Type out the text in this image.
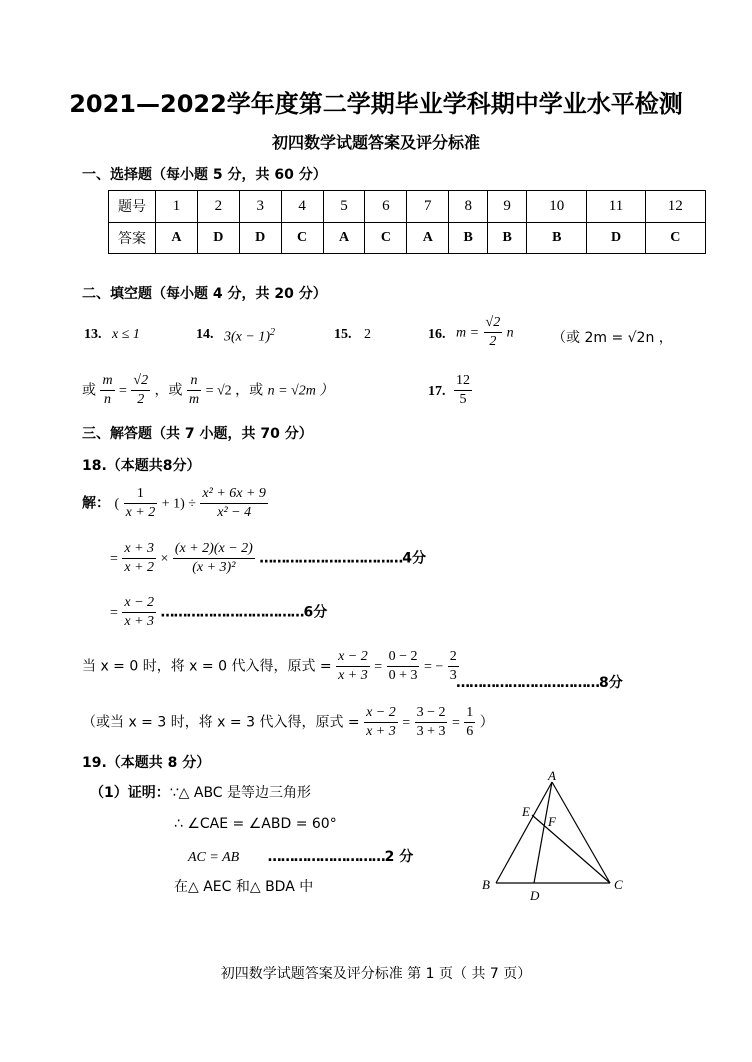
2021—2022学年度第二学期毕业学科期中学业水平检测
初四数学试题答案及评分标准
一、选择题（每小题 5 分，共 60 分）
题号	1	2	3	4	5	6	7	8	9	10	11	12
答案	A	D	D	C	A	C	A	B	B	B	D	C
二、填空题（每小题 4 分，共 20 分）
13. x ≤ 1	14. $3(x - 1)^2$	15. 2	16. $m = \frac{√2}{2}$ n	（或 2m = √2n ，
或 $\frac{m}{n} = \frac{√2}{2}$ ，或 $\frac{n}{m} = √2$ ，或 n = √2m ）	17. $\frac{12}{5}$
三、解答题（共 7 小题，共 70 分）
18.（本题共8分）
解： ( $\frac{1}{x + 2} + 1) \div \frac{\text{x² + 6x + 9}}{\text{x² − 4}}$
= $\frac{x + 3}{x + 2} \times \frac{(x + 2)(x - 2)}{\text{(x + 3)²}}$ ……………………………4分
= $\frac{x - 2}{x + 3}$ ……………………………6分
当 x = 0 时，将 x = 0 代入得，原式 = $\frac{x - 2}{x + 3} = \frac{0 - 2}{0 + 3}$ = − $\frac{2}{3}$
……………………………8分
（或当 x = 3 时，将 x = 3 代入得，原式 = $\frac{x - 2}{x + 3} = \frac{3 - 2}{3 + 3} = \frac{1}{6}$ ）
19.（本题共 8 分）
（1）证明：∵△ ABC 是等边三角形
∴ ∠CAE = ∠ABD = 60°
AC = AB ………………………2 分
在△ AEC 和△ BDA 中
A
B	C
D
E
F
初四数学试题答案及评分标准 第 1 页（ 共 7 页）
